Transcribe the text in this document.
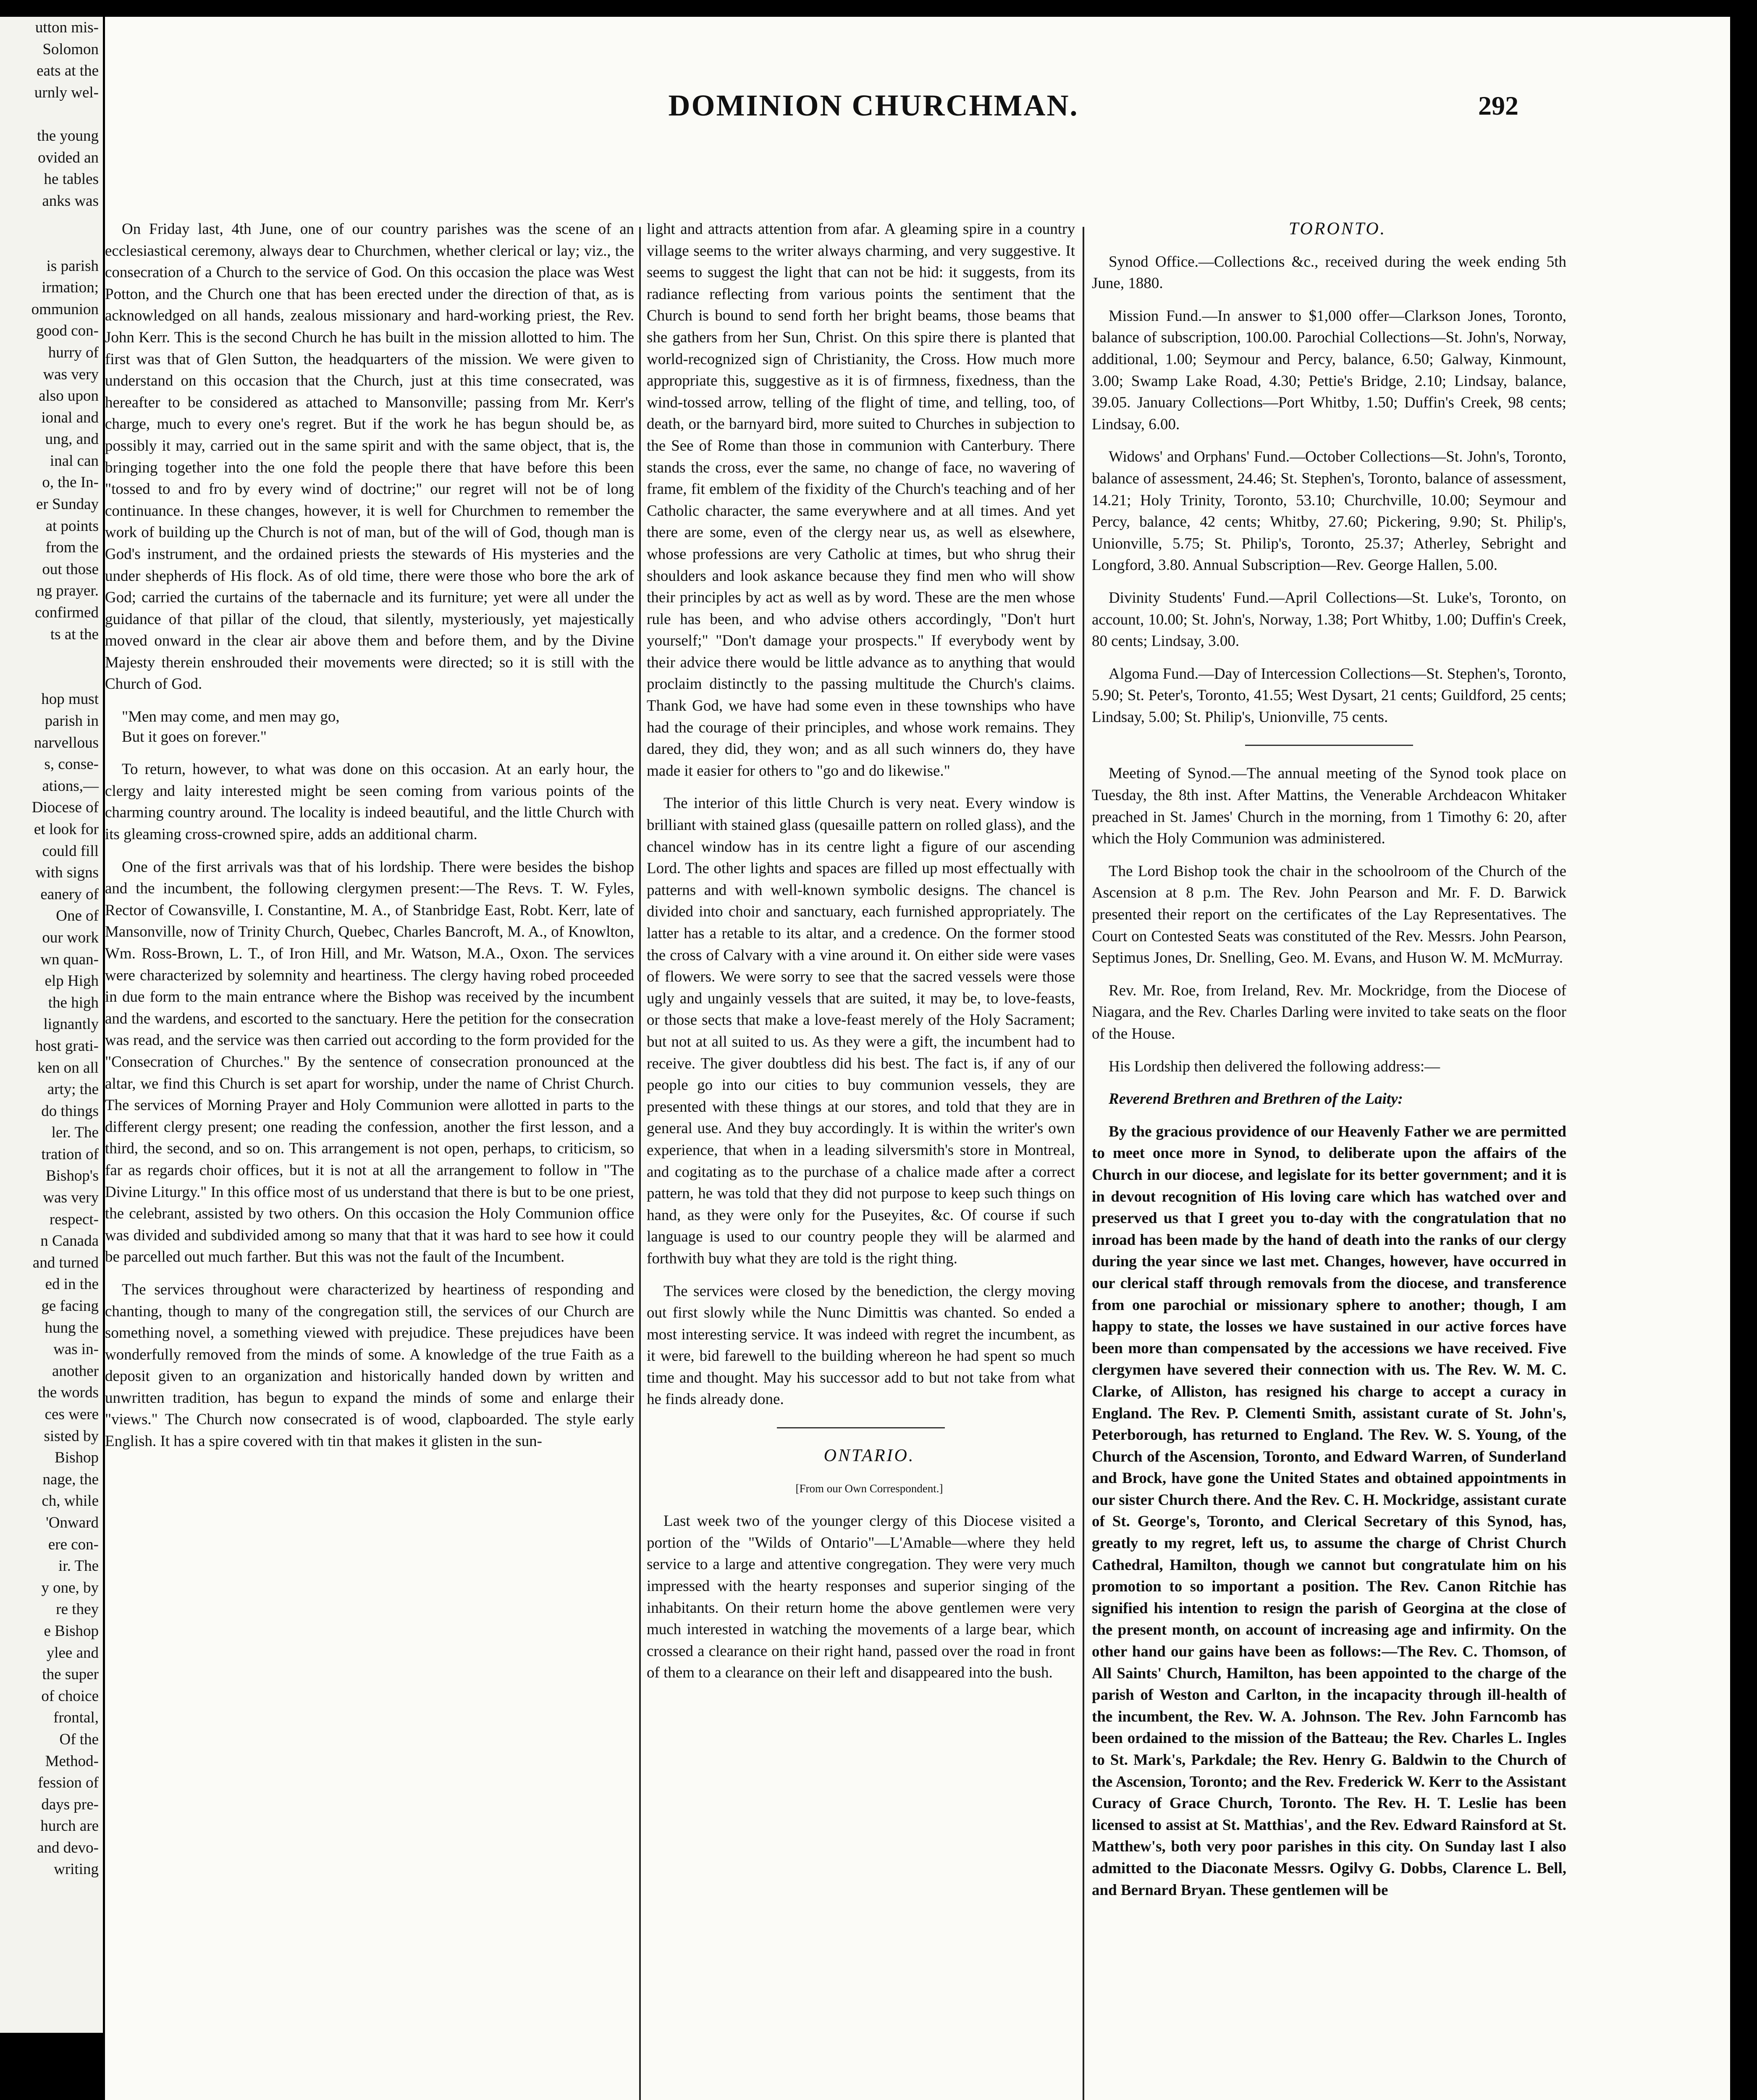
utton mis-

Solomon

eats at the

urnly wel-

the young

ovided an

he tables

anks was

is parish

irmation;

ommunion

good con-

hurry of

was very

also upon

ional and

ung, and

inal can

o, the In-

er Sunday

at points

from the

out those

ng prayer.

confirmed

ts at the

hop must

parish in

narvellous

s, conse-

ations,—

Diocese of

et look for

could fill

with signs

eanery of

One of

our work

wn quan-

elp High

the high

lignantly

host grati-

ken on all

arty; the

do things

ler. The

tration of

Bishop's

was very

respect-

n Canada

and turned

ed in the

ge facing

hung the

was in-

another

the words

ces were

sisted by

Bishop

nage, the

ch, while

'Onward

ere con-

ir. The

y one, by

re they

e Bishop

ylee and

the super

of choice

frontal,

Of the

Method-

fession of

days pre-

hurch are

and devo-

writing

DOMINION CHURCHMAN.	292

On Friday last, 4th June, one of our country parishes was the scene of an ecclesiastical ceremony, always dear to Churchmen, whether clerical or lay; viz., the consecration of a Church to the service of God. On this occasion the place was West Potton, and the Church one that has been erected under the direction of that, as is acknowledged on all hands, zealous missionary and hard-working priest, the Rev. John Kerr. This is the second Church he has built in the mission allotted to him. The first was that of Glen Sutton, the headquarters of the mission. We were given to understand on this occasion that the Church, just at this time consecrated, was hereafter to be considered as attached to Mansonville; passing from Mr. Kerr's charge, much to every one's regret. But if the work he has begun should be, as possibly it may, carried out in the same spirit and with the same object, that is, the bringing together into the one fold the people there that have before this been "tossed to and fro by every wind of doctrine;" our regret will not be of long continuance. In these changes, however, it is well for Churchmen to remember the work of building up the Church is not of man, but of the will of God, though man is God's instrument, and the ordained priests the stewards of His mysteries and the under shepherds of His flock. As of old time, there were those who bore the ark of God; carried the curtains of the tabernacle and its furniture; yet were all under the guidance of that pillar of the cloud, that silently, mysteriously, yet majestically moved onward in the clear air above them and before them, and by the Divine Majesty therein enshrouded their movements were directed; so it is still with the Church of God.

"Men may come, and men may go,

But it goes on forever."

To return, however, to what was done on this occasion. At an early hour, the clergy and laity interested might be seen coming from various points of the charming country around. The locality is indeed beautiful, and the little Church with its gleaming cross-crowned spire, adds an additional charm.

One of the first arrivals was that of his lordship. There were besides the bishop and the incumbent, the following clergymen present:—The Revs. T. W. Fyles, Rector of Cowansville, I. Constantine, M. A., of Stanbridge East, Robt. Kerr, late of Mansonville, now of Trinity Church, Quebec, Charles Bancroft, M. A., of Knowlton, Wm. Ross-Brown, L. T., of Iron Hill, and Mr. Watson, M.A., Oxon. The services were characterized by solemnity and heartiness. The clergy having robed proceeded in due form to the main entrance where the Bishop was received by the incumbent and the wardens, and escorted to the sanctuary. Here the petition for the consecration was read, and the service was then carried out according to the form provided for the "Consecration of Churches." By the sentence of consecration pronounced at the altar, we find this Church is set apart for worship, under the name of Christ Church. The services of Morning Prayer and Holy Communion were allotted in parts to the different clergy present; one reading the confession, another the first lesson, and a third, the second, and so on. This arrangement is not open, perhaps, to criticism, so far as regards choir offices, but it is not at all the arrangement to follow in "The Divine Liturgy." In this office most of us understand that there is but to be one priest, the celebrant, assisted by two others. On this occasion the Holy Communion office was divided and subdivided among so many that that it was hard to see how it could be parcelled out much farther. But this was not the fault of the Incumbent.

The services throughout were characterized by heartiness of responding and chanting, though to many of the congregation still, the services of our Church are something novel, a something viewed with prejudice. These prejudices have been wonderfully removed from the minds of some. A knowledge of the true Faith as a deposit given to an organization and historically handed down by written and unwritten tradition, has begun to expand the minds of some and enlarge their "views." The Church now consecrated is of wood, clapboarded. The style early English. It has a spire covered with tin that makes it glisten in the sun-

light and attracts attention from afar. A gleaming spire in a country village seems to the writer always charming, and very suggestive. It seems to suggest the light that can not be hid: it suggests, from its radiance reflecting from various points the sentiment that the Church is bound to send forth her bright beams, those beams that she gathers from her Sun, Christ. On this spire there is planted that world-recognized sign of Christianity, the Cross. How much more appropriate this, suggestive as it is of firmness, fixedness, than the wind-tossed arrow, telling of the flight of time, and telling, too, of death, or the barnyard bird, more suited to Churches in subjection to the See of Rome than those in communion with Canterbury. There stands the cross, ever the same, no change of face, no wavering of frame, fit emblem of the fixidity of the Church's teaching and of her Catholic character, the same everywhere and at all times. And yet there are some, even of the clergy near us, as well as elsewhere, whose professions are very Catholic at times, but who shrug their shoulders and look askance because they find men who will show their principles by act as well as by word. These are the men whose rule has been, and who advise others accordingly, "Don't hurt yourself;" "Don't damage your prospects." If everybody went by their advice there would be little advance as to anything that would proclaim distinctly to the passing multitude the Church's claims. Thank God, we have had some even in these townships who have had the courage of their principles, and whose work remains. They dared, they did, they won; and as all such winners do, they have made it easier for others to "go and do likewise."

The interior of this little Church is very neat. Every window is brilliant with stained glass (quesaille pattern on rolled glass), and the chancel window has in its centre light a figure of our ascending Lord. The other lights and spaces are filled up most effectually with patterns and with well-known symbolic designs. The chancel is divided into choir and sanctuary, each furnished appropriately. The latter has a retable to its altar, and a credence. On the former stood the cross of Calvary with a vine around it. On either side were vases of flowers. We were sorry to see that the sacred vessels were those ugly and ungainly vessels that are suited, it may be, to love-feasts, or those sects that make a love-feast merely of the Holy Sacrament; but not at all suited to us. As they were a gift, the incumbent had to receive. The giver doubtless did his best. The fact is, if any of our people go into our cities to buy communion vessels, they are presented with these things at our stores, and told that they are in general use. And they buy accordingly. It is within the writer's own experience, that when in a leading silversmith's store in Montreal, and cogitating as to the purchase of a chalice made after a correct pattern, he was told that they did not purpose to keep such things on hand, as they were only for the Puseyites, &c. Of course if such language is used to our country people they will be alarmed and forthwith buy what they are told is the right thing.

The services were closed by the benediction, the clergy moving out first slowly while the Nunc Dimittis was chanted. So ended a most interesting service. It was indeed with regret the incumbent, as it were, bid farewell to the building whereon he had spent so much time and thought. May his successor add to but not take from what he finds already done.

ONTARIO.

[From our Own Correspondent.]

Last week two of the younger clergy of this Diocese visited a portion of the "Wilds of Ontario"—L'Amable—where they held service to a large and attentive congregation. They were very much impressed with the hearty responses and superior singing of the inhabitants. On their return home the above gentlemen were very much interested in watching the movements of a large bear, which crossed a clearance on their right hand, passed over the road in front of them to a clearance on their left and disappeared into the bush.

TORONTO.

Synod Office.—Collections &c., received during the week ending 5th June, 1880.

Mission Fund.—In answer to $1,000 offer—Clarkson Jones, Toronto, balance of subscription, 100.00. Parochial Collections—St. John's, Norway, additional, 1.00; Seymour and Percy, balance, 6.50; Galway, Kinmount, 3.00; Swamp Lake Road, 4.30; Pettie's Bridge, 2.10; Lindsay, balance, 39.05. January Collections—Port Whitby, 1.50; Duffin's Creek, 98 cents; Lindsay, 6.00.

Widows' and Orphans' Fund.—October Collections—St. John's, Toronto, balance of assessment, 24.46; St. Stephen's, Toronto, balance of assessment, 14.21; Holy Trinity, Toronto, 53.10; Churchville, 10.00; Seymour and Percy, balance, 42 cents; Whitby, 27.60; Pickering, 9.90; St. Philip's, Unionville, 5.75; St. Philip's, Toronto, 25.37; Atherley, Sebright and Longford, 3.80. Annual Subscription—Rev. George Hallen, 5.00.

Divinity Students' Fund.—April Collections—St. Luke's, Toronto, on account, 10.00; St. John's, Norway, 1.38; Port Whitby, 1.00; Duffin's Creek, 80 cents; Lindsay, 3.00.

Algoma Fund.—Day of Intercession Collections—St. Stephen's, Toronto, 5.90; St. Peter's, Toronto, 41.55; West Dysart, 21 cents; Guildford, 25 cents; Lindsay, 5.00; St. Philip's, Unionville, 75 cents.

Meeting of Synod.—The annual meeting of the Synod took place on Tuesday, the 8th inst. After Mattins, the Venerable Archdeacon Whitaker preached in St. James' Church in the morning, from 1 Timothy 6: 20, after which the Holy Communion was administered.

The Lord Bishop took the chair in the schoolroom of the Church of the Ascension at 8 p.m. The Rev. John Pearson and Mr. F. D. Barwick presented their report on the certificates of the Lay Representatives. The Court on Contested Seats was constituted of the Rev. Messrs. John Pearson, Septimus Jones, Dr. Snelling, Geo. M. Evans, and Huson W. M. McMurray.

Rev. Mr. Roe, from Ireland, Rev. Mr. Mockridge, from the Diocese of Niagara, and the Rev. Charles Darling were invited to take seats on the floor of the House.

His Lordship then delivered the following address:—

Reverend Brethren and Brethren of the Laity:

By the gracious providence of our Heavenly Father we are permitted to meet once more in Synod, to deliberate upon the affairs of the Church in our diocese, and legislate for its better government; and it is in devout recognition of His loving care which has watched over and preserved us that I greet you to-day with the congratulation that no inroad has been made by the hand of death into the ranks of our clergy during the year since we last met. Changes, however, have occurred in our clerical staff through removals from the diocese, and transference from one parochial or missionary sphere to another; though, I am happy to state, the losses we have sustained in our active forces have been more than compensated by the accessions we have received. Five clergymen have severed their connection with us. The Rev. W. M. C. Clarke, of Alliston, has resigned his charge to accept a curacy in England. The Rev. P. Clementi Smith, assistant curate of St. John's, Peterborough, has returned to England. The Rev. W. S. Young, of the Church of the Ascension, Toronto, and Edward Warren, of Sunderland and Brock, have gone the United States and obtained appointments in our sister Church there. And the Rev. C. H. Mockridge, assistant curate of St. George's, Toronto, and Clerical Secretary of this Synod, has, greatly to my regret, left us, to assume the charge of Christ Church Cathedral, Hamilton, though we cannot but congratulate him on his promotion to so important a position. The Rev. Canon Ritchie has signified his intention to resign the parish of Georgina at the close of the present month, on account of increasing age and infirmity. On the other hand our gains have been as follows:—The Rev. C. Thomson, of All Saints' Church, Hamilton, has been appointed to the charge of the parish of Weston and Carlton, in the incapacity through ill-health of the incumbent, the Rev. W. A. Johnson. The Rev. John Farncomb has been ordained to the mission of the Batteau; the Rev. Charles L. Ingles to St. Mark's, Parkdale; the Rev. Henry G. Baldwin to the Church of the Ascension, Toronto; and the Rev. Frederick W. Kerr to the Assistant Curacy of Grace Church, Toronto. The Rev. H. T. Leslie has been licensed to assist at St. Matthias', and the Rev. Edward Rainsford at St. Matthew's, both very poor parishes in this city. On Sunday last I also admitted to the Diaconate Messrs. Ogilvy G. Dobbs, Clarence L. Bell, and Bernard Bryan. These gentlemen will be
